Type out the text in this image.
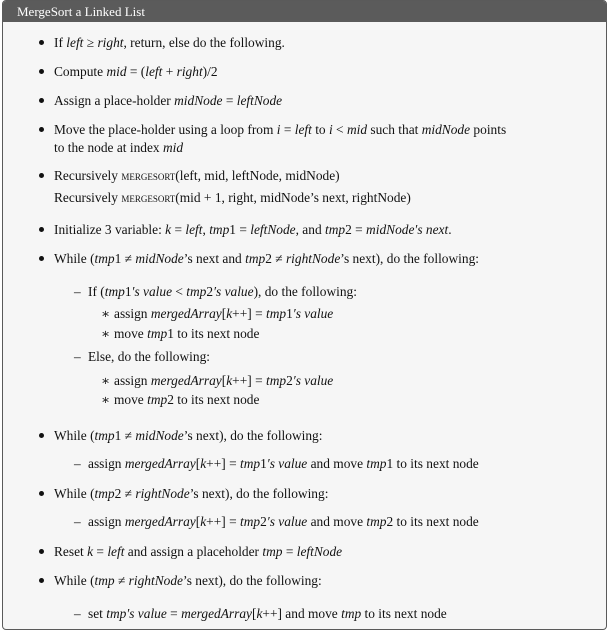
MergeSort a Linked List
If left ≥ right, return, else do the following.
Compute mid = (left + right)/2
Assign a place-holder midNode = leftNode
Move the place-holder using a loop from i = left to i < mid such that midNode points
to the node at index mid
Recursively mergesort(left, mid, leftNode, midNode)
Recursively mergesort(mid + 1, right, midNode’s next, rightNode)
Initialize 3 variable: k = left, tmp1 = leftNode, and tmp2 = midNode′s next.
While (tmp1 ≠ midNode’s next and tmp2 ≠ rightNode’s next), do the following:
– If (tmp1′s value < tmp2′s value), do the following:
∗ assign mergedArray[k++] = tmp1′s value
∗ move tmp1 to its next node
– Else, do the following:
∗ assign mergedArray[k++] = tmp2′s value
∗ move tmp2 to its next node
While (tmp1 ≠ midNode’s next), do the following:
– assign mergedArray[k++] = tmp1′s value and move tmp1 to its next node
While (tmp2 ≠ rightNode’s next), do the following:
– assign mergedArray[k++] = tmp2′s value and move tmp2 to its next node
Reset k = left and assign a placeholder tmp = leftNode
While (tmp ≠ rightNode’s next), do the following:
– set tmp′s value = mergedArray[k++] and move tmp to its next node
